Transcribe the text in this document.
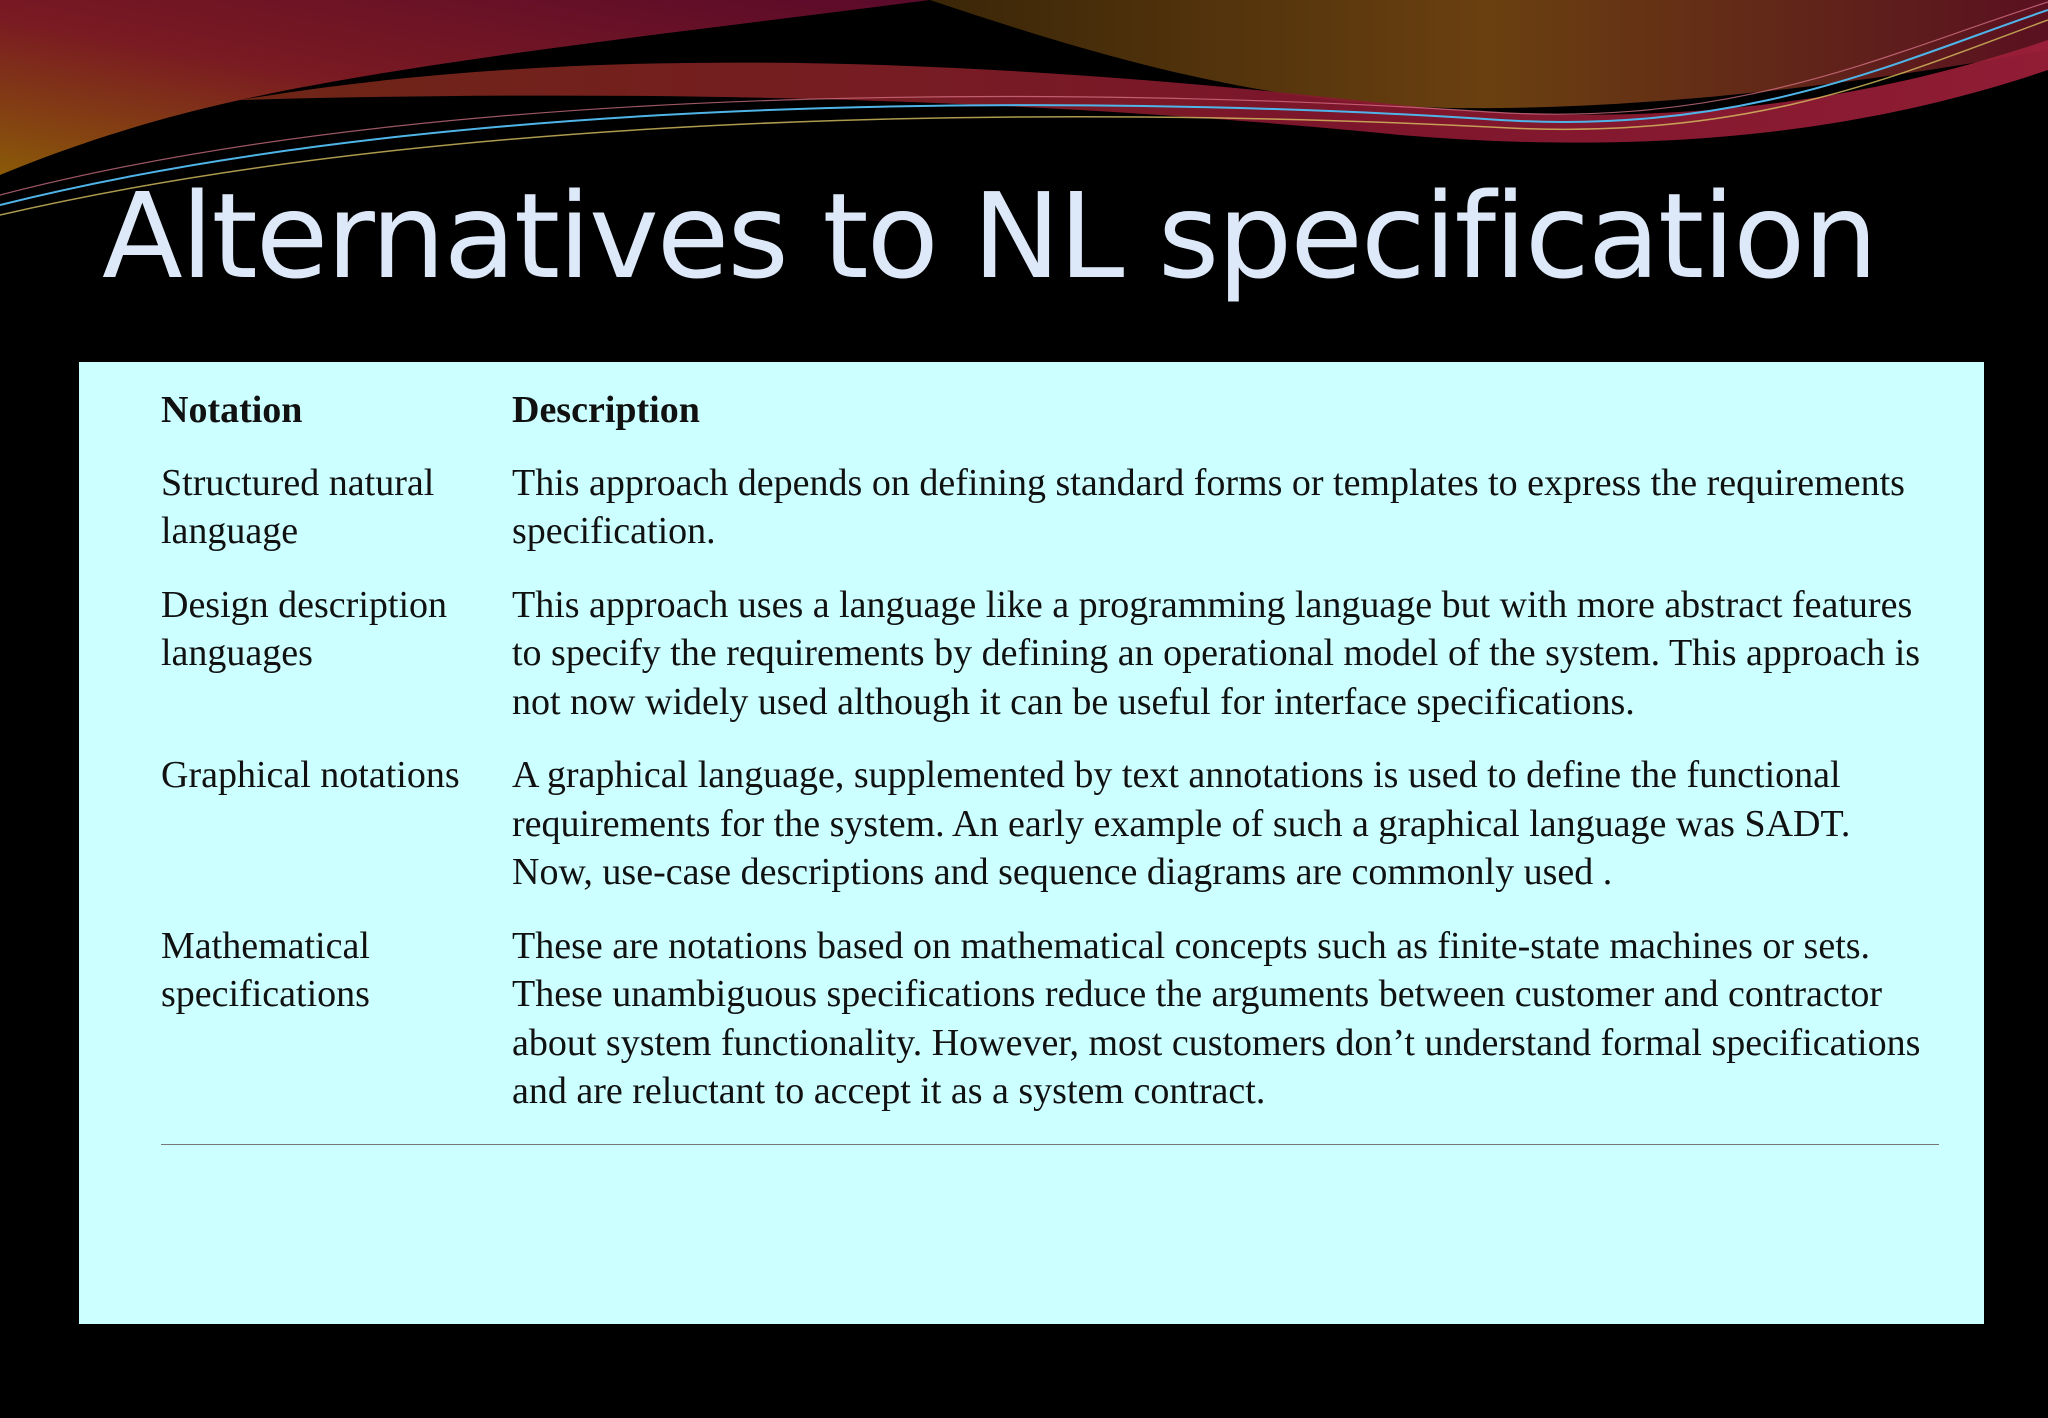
Alternatives to NL specification
Notation	Description
Structured natural language	This approach depends on defining standard forms or templates to express the requirements specification.
Design description languages	This approach uses a language like a programming language but with more abstract features to specify the requirements by defining an operational model of the system. This approach is not now widely used although it can be useful for interface specifications.
Graphical notations	A graphical language, supplemented by text annotations is used to define the functional requirements for the system. An early example of such a graphical language was SADT. Now, use-case descriptions and sequence diagrams are commonly used .
Mathematical specifications	These are notations based on mathematical concepts such as finite-state machines or sets. These unambiguous specifications reduce the arguments between customer and contractor about system functionality. However, most customers don’t understand formal specifications and are reluctant to accept it as a system contract.
